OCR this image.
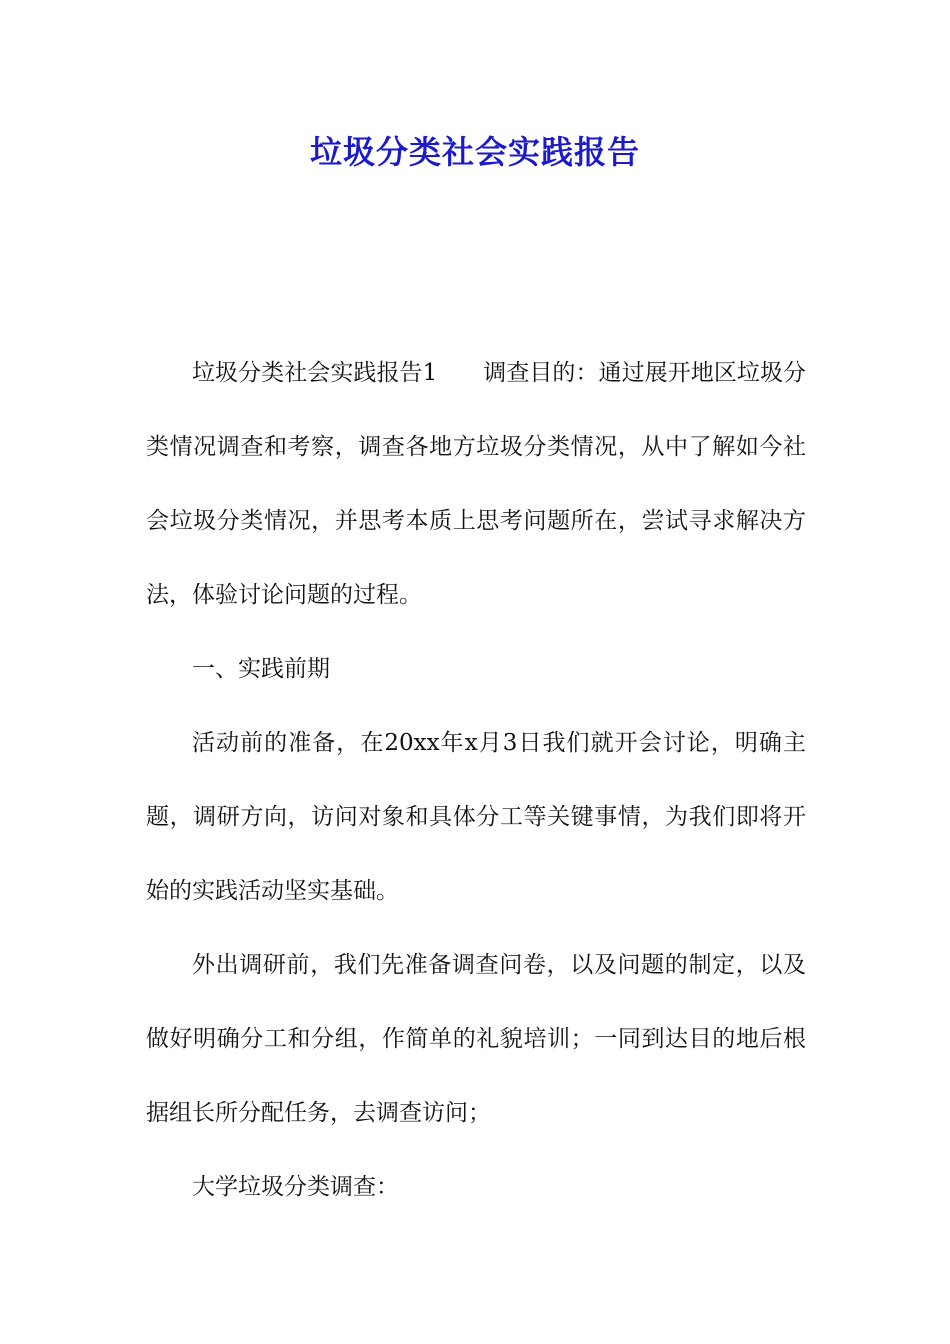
垃圾分类社会实践报告

垃圾分类社会实践报告1 调查目的：通过展开地区垃圾分类情况调查和考察，调查各地方垃圾分类情况，从中了解如今社会垃圾分类情况，并思考本质上思考问题所在，尝试寻求解决方法，体验讨论问题的过程。

一、实践前期

活动前的准备，在20xx年x月3日我们就开会讨论，明确主题，调研方向，访问对象和具体分工等关键事情，为我们即将开始的实践活动坚实基础。

外出调研前，我们先准备调查问卷，以及问题的制定，以及做好明确分工和分组，作简单的礼貌培训；一同到达目的地后根据组长所分配任务，去调查访问；

大学垃圾分类调查：
